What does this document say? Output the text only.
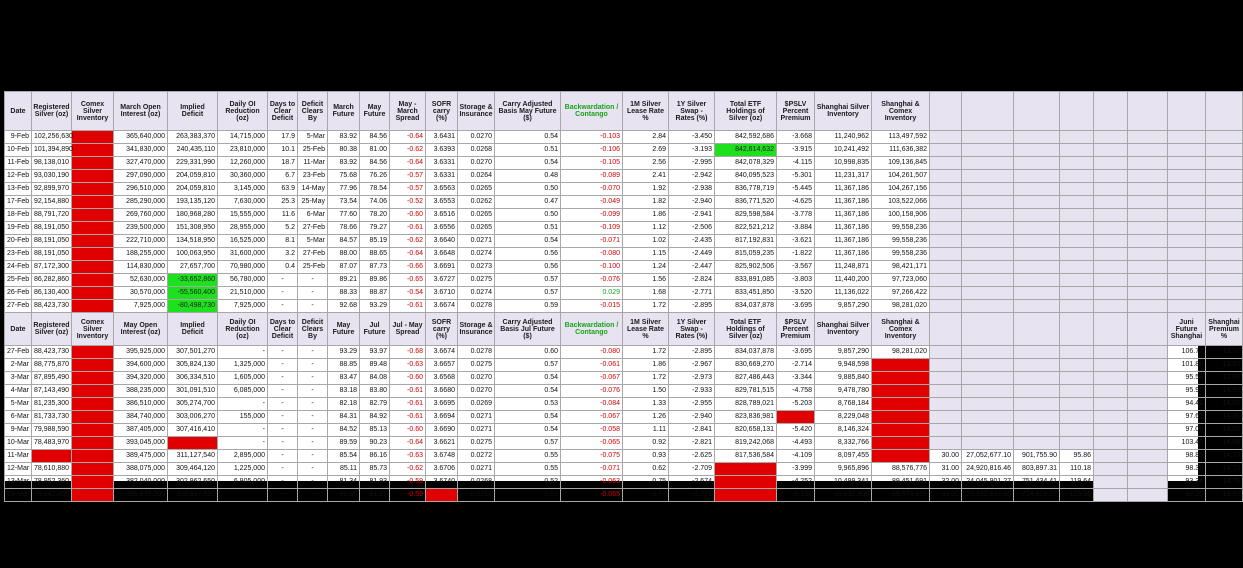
Date	Registered Silver (oz)	Comex Silver Inventory	March Open Interest (oz)	Implied Deficit	Daily OI Reduction (oz)	Days to Clear Deficit	Deficit Clears By	March Future	May Future	May - March Spread	SOFR carry (%)	Storage & Insurance	Carry Adjusted Basis May Future ($)	Backwardation / Contango	1M Silver Lease Rate %	1Y Silver Swap - Rates (%)	Total ETF Holdings of Silver (oz)	$PSLV Percent Premium	Shanghai Silver Inventory	Shanghai & Comex Inventory								
9-Feb	102,256,630	394,513,418	365,640,000	263,383,370	14,715,000	17.9	5-Mar	83.92	84.56	-0.64	3.6431	0.0270	0.54	-0.103	2.84	-3.450	842,592,686	-3.668	11,240,962	113,497,592								
10-Feb	101,394,890	390,466,030	341,830,000	240,435,110	23,810,000	10.1	25-Feb	80.38	81.00	-0.62	3.6393	0.0268	0.51	-0.106	2.69	-3.193	842,614,632	-3.915	10,241,492	111,636,382								
11-Feb	98,138,010	386,273,420	327,470,000	229,331,990	12,260,000	18.7	11-Mar	83.92	84.56	-0.64	3.6331	0.0270	0.54	-0.105	2.56	-2.995	842,078,329	-4.115	10,998,835	109,136,845								
12-Feb	93,030,190	381,568,516	297,090,000	204,059,810	30,360,000	6.7	23-Feb	75.68	76.26	-0.57	3.6331	0.0264	0.48	-0.089	2.41	-2.942	840,095,523	-5.301	11,231,317	104,261,507								
13-Feb	92,899,970	378,233,970	296,510,000	204,059,810	3,145,000	63.9	14-May	77.96	78.54	-0.57	3.6563	0.0265	0.50	-0.070	1.92	-2.938	836,778,719	-5.445	11,367,186	104,267,156								
17-Feb	92,154,880	376,434,690	285,290,000	193,135,120	7,630,000	25.3	25-May	73.54	74.06	-0.52	3.6553	0.0262	0.47	-0.049	1.82	-2.940	836,771,520	-4.625	11,367,186	103,522,066								
18-Feb	88,791,720	371,972,500	269,760,000	180,968,280	15,555,000	11.6	6-Mar	77.60	78.20	-0.60	3.6516	0.0265	0.50	-0.099	1.86	-2.941	829,598,584	-3.778	11,367,186	100,158,906								
19-Feb	88,191,050	368,613,726	239,500,000	151,308,950	28,955,000	5.2	27-Feb	78.66	79.27	-0.61	3.6556	0.0265	0.51	-0.109	1.12	-2.506	822,521,212	-3.884	11,367,186	99,558,236								
20-Feb	88,191,050	367,428,530	222,710,000	134,518,950	16,525,000	8.1	5-Mar	84.57	85.19	-0.62	3.6640	0.0271	0.54	-0.071	1.02	-2.435	817,192,831	-3.621	11,367,186	99,558,236								
23-Feb	88,191,050	366,257,038	188,255,000	100,063,950	31,600,000	3.2	27-Feb	88.00	88.65	-0.64	3.6648	0.0274	0.56	-0.080	1.15	-2.449	815,059,235	-1.822	11,367,186	99,558,236								
24-Feb	87,172,300	364,891,126	114,830,000	27,657,700	70,980,000	0.4	25-Feb	87.07	87.73	-0.66	3.6691	0.0273	0.56	-0.100	1.24	-2.447	825,902,506	-3.567	11,248,871	98,421,171								
25-Feb	86,282,860	364,008,396	52,630,000	-33,652,860	56,780,000	-	-	89.21	89.86	-0.65	3.6727	0.0275	0.57	-0.076	1.56	-2.824	833,891,085	-3.803	11,440,200	97,723,060								
26-Feb	86,130,400	361,834,810	30,570,000	-55,560,400	21,510,000	-	-	88.33	88.87	-0.54	3.6710	0.0274	0.57	0.029	1.68	-2.771	833,451,850	-3.520	11,136,022	97,266,422								
27-Feb	88,423,730	366,202,300	7,925,000	-80,498,730	7,925,000	-	-	92.68	93.29	-0.61	3.6674	0.0278	0.59	-0.015	1.72	-2.895	834,037,878	-3.695	9,857,290	98,281,020								
Date	Registered Silver (oz)	Comex Silver Inventory	May Open Interest (oz)	Implied Deficit	Daily OI Reduction (oz)	Days to Clear Deficit	Deficit Clears By	May Future	Jul Future	Jul - May Spread	SOFR carry (%)	Storage & Insurance	Carry Adjusted Basis Jul Future ($)	Backwardation / Contango	1M Silver Lease Rate %	1Y Silver Swap - Rates (%)	Total ETF Holdings of Silver (oz)	$PSLV Percent Premium	Shanghai Silver Inventory	Shanghai & Comex Inventory							Juni Future Shanghai	Shanghai Premium %
27-Feb	88,423,730	366,202,300	395,925,000	307,501,270	-	-	-	93.29	93.97	-0.68	3.6674	0.0278	0.60	-0.080	1.72	-2.895	834,037,878	-3.695	9,857,290	98,281,020							106.72	13.57
2-Mar	88,775,870	357,680,400	394,600,000	305,824,130	1,325,000	-	-	88.85	89.48	-0.63	3.6657	0.0275	0.57	-0.061	1.86	-2.967	830,669,270	-2.714	9,948,598	98,724,468							101.86	13.83
3-Mar	87,895,490	355,173,696	394,320,000	306,334,510	1,605,000	-	-	83.47	84.08	-0.60	3.6568	0.0270	0.54	-0.067	1.72	-2.973	827,486,443	-3.344	9,885,840	97,871,336							95.58	13.69
4-Mar	87,143,490	352,276,836	388,235,000	301,091,510	6,085,000	-	-	83.18	83.80	-0.61	3.6680	0.0270	0.54	-0.076	1.50	-2.933	829,781,515	-4.758	9,478,780	96,622,270							95.95	14.50
5-Mar	81,235,300	351,341,916	386,510,000	305,274,700	-	-	-	82.18	82.79	-0.61	3.6695	0.0269	0.53	-0.084	1.33	-2.955	828,789,021	-5.203	8,768,184	90,003,484							94.41	14.03
6-Mar	81,733,730	348,145,580	384,740,000	303,006,270	155,000	-	-	84.31	84.92	-0.61	3.6694	0.0271	0.54	-0.067	1.26	-2.940	823,836,981	-3.586	8,229,048	89,962,778							97.63	14.96
9-Mar	79,988,590	346,267,970	387,405,000	307,416,410	-	-	-	84.52	85.13	-0.60	3.6690	0.0271	0.54	-0.058	1.11	-2.841	820,658,131	-5.420	8,146,324	88,134,914							97.09	14.06
10-Mar	78,483,970	344,561,870	393,045,000	314,561,030	-	-	-	89.59	90.23	-0.64	3.6621	0.0275	0.57	-0.065	0.92	-2.821	819,242,068	-4.493	8,332,766	86,816,736							103.40	14.59
11-Mar	78,567,460	344,542,780	389,475,000	311,127,540	2,895,000	-	-	85.54	86.16	-0.63	3.6748	0.0272	0.55	-0.075	0.93	-2.625	817,536,584	-4.109	8,097,455	86,444,915	30.00	27,052,677.10	901,755.90	95.86			98.85	14.73
12-Mar	78,610,880	344,324,826	388,075,000	309,464,120	1,225,000	-	-	85.11	85.73	-0.62	3.6706	0.0271	0.55	-0.071	0.62	-2.709	819,581,976	-3.999	9,965,896	88,576,776	31.00	24,920,816.46	803,897.31	110.18			98.33	14.70
13-Mar	78,952,360	341,773,896	382,040,000	302,962,650	6,905,000	-	-	81.34	81.93	-0.59	3.6740	0.0268	0.52	-0.063	0.75	-2.674	819,380,592	-4.252	10,499,341	89,451,691	32.00	24,045,901.27	751,434.41	119.64			93.34	14.75
14-Mar	78,942,450	338,562,386	381,870,000	302,927,550	-	-	-	80.68	81.27	-0.59	3.6833	0.0268	0.52	-0.065	0.77	-2.771	806,935,526	-5.138	10,632,509	89,574,959	33.00	23,922,632.88	724,928.27	123.56			92.26	13.53
